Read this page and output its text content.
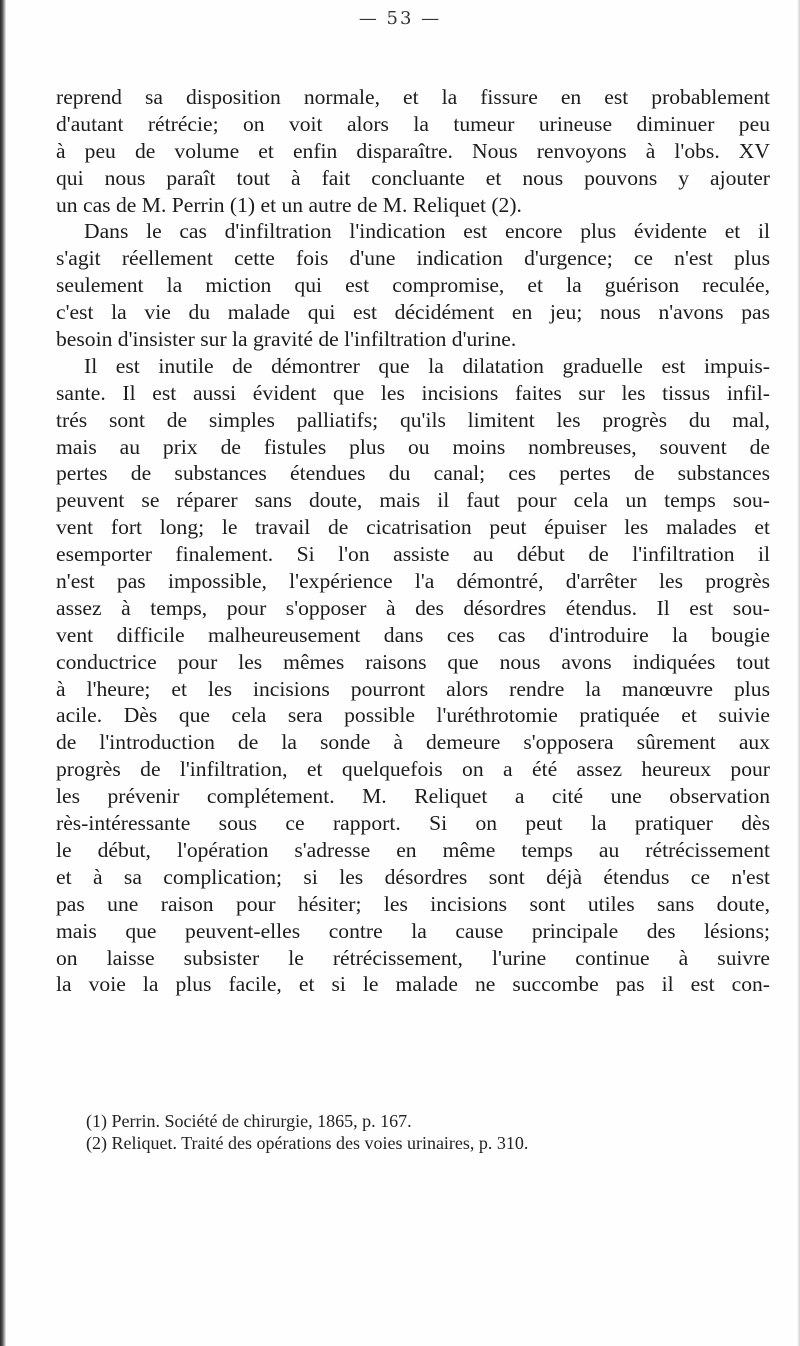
— 53 —
reprend sa disposition normale, et la fissure en est probablement
d'autant rétrécie; on voit alors la tumeur urineuse diminuer peu
à peu de volume et enfin disparaître. Nous renvoyons à l'obs. XV
qui nous paraît tout à fait concluante et nous pouvons y ajouter
un cas de M. Perrin (1) et un autre de M. Reliquet (2).
Dans le cas d'infiltration l'indication est encore plus évidente et il
s'agit réellement cette fois d'une indication d'urgence; ce n'est plus
seulement la miction qui est compromise, et la guérison reculée,
c'est la vie du malade qui est décidément en jeu; nous n'avons pas
besoin d'insister sur la gravité de l'infiltration d'urine.
Il est inutile de démontrer que la dilatation graduelle est impuis-
sante. Il est aussi évident que les incisions faites sur les tissus infil-
trés sont de simples palliatifs; qu'ils limitent les progrès du mal,
mais au prix de fistules plus ou moins nombreuses, souvent de
pertes de substances étendues du canal; ces pertes de substances
peuvent se réparer sans doute, mais il faut pour cela un temps sou-
vent fort long; le travail de cicatrisation peut épuiser les malades et
esemporter finalement. Si l'on assiste au début de l'infiltration il
n'est pas impossible, l'expérience l'a démontré, d'arrêter les progrès
assez à temps, pour s'opposer à des désordres étendus. Il est sou-
vent difficile malheureusement dans ces cas d'introduire la bougie
conductrice pour les mêmes raisons que nous avons indiquées tout
à l'heure; et les incisions pourront alors rendre la manœuvre plus
acile. Dès que cela sera possible l'uréthrotomie pratiquée et suivie
de l'introduction de la sonde à demeure s'opposera sûrement aux
progrès de l'infiltration, et quelquefois on a été assez heureux pour
les prévenir complétement. M. Reliquet a cité une observation
rès-intéressante sous ce rapport. Si on peut la pratiquer dès
le début, l'opération s'adresse en même temps au rétrécissement
et à sa complication; si les désordres sont déjà étendus ce n'est
pas une raison pour hésiter; les incisions sont utiles sans doute,
mais que peuvent-elles contre la cause principale des lésions;
on laisse subsister le rétrécissement, l'urine continue à suivre
la voie la plus facile, et si le malade ne succombe pas il est con-
(1) Perrin. Société de chirurgie, 1865, p. 167.
(2) Reliquet. Traité des opérations des voies urinaires, p. 310.
